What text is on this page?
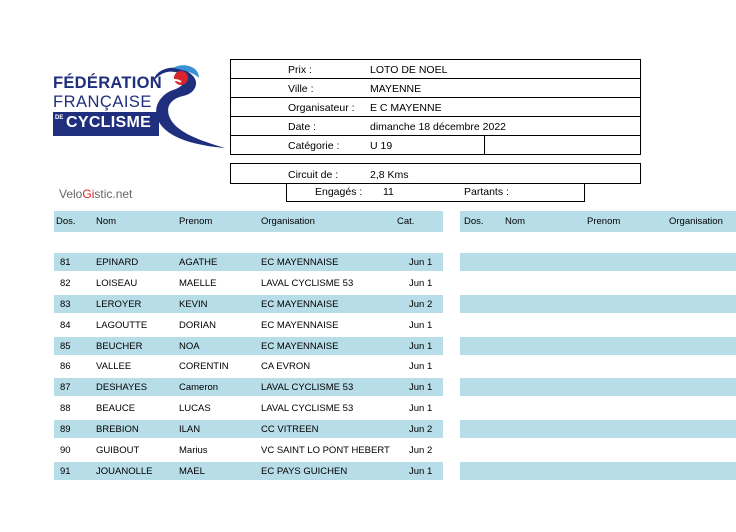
FÉDÉRATION
FRANÇAISE
DE CYCLISME
VeloGistic.net
Prix :	LOTO DE NOEL
Ville :	MAYENNE
Organisateur : E C MAYENNE
Date :	dimanche 18 décembre 2022
Catégorie :	U 19
Circuit de :	2,8 Kms
Engagés : 11	Partants :
Dos. Nom	Prenom	Organisation	Cat.	Dos. Nom	Prenom	Organisation
81	EPINARD	AGATHE	EC MAYENNAISE	Jun 1
82	LOISEAU	MAELLE	LAVAL CYCLISME 53	Jun 1
83	LEROYER	KEVIN	EC MAYENNAISE	Jun 2
84	LAGOUTTE	DORIAN	EC MAYENNAISE	Jun 1
85	BEUCHER	NOA	EC MAYENNAISE	Jun 1
86	VALLEE	CORENTIN	CA EVRON	Jun 1
87	DESHAYES	Cameron	LAVAL CYCLISME 53	Jun 1
88	BEAUCE	LUCAS	LAVAL CYCLISME 53	Jun 1
89	BREBION	ILAN	CC VITREEN	Jun 2
90	GUIBOUT	Marius	VC SAINT LO PONT HEBERT Jun 2
91	JOUANOLLE	MAEL	EC PAYS GUICHEN	Jun 1
